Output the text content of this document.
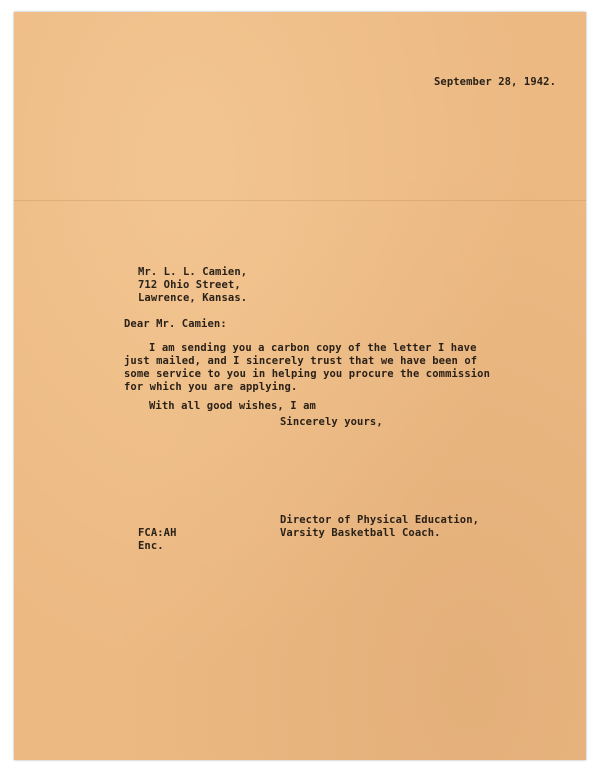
September 28, 1942.

Mr. L. L. Camien,

712 Ohio Street,

Lawrence, Kansas.

Dear Mr. Camien:

I am sending you a carbon copy of the letter I have

just mailed, and I sincerely trust that we have been of

some service to you in helping you procure the commission

for which you are applying.

With all good wishes, I am

Sincerely yours,

Director of Physical Education,

Varsity Basketball Coach.

FCA:AH

Enc.
